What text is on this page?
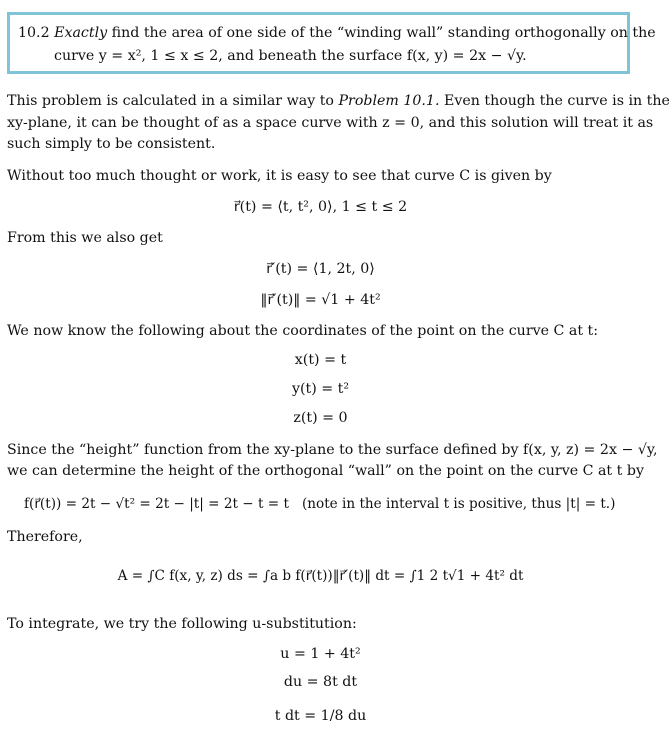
10.2 Exactly find the area of one side of the “winding wall” standing orthogonally on the
curve y = x², 1 ≤ x ≤ 2, and beneath the surface f(x, y) = 2x − √y.
This problem is calculated in a similar way to Problem 10.1. Even though the curve is in the
xy-plane, it can be thought of as a space curve with z = 0, and this solution will treat it as
such simply to be consistent.
Without too much thought or work, it is easy to see that curve C is given by
r⃗(t) = ⟨t, t², 0⟩, 1 ≤ t ≤ 2
From this we also get
r⃗′(t) = ⟨1, 2t, 0⟩
‖r⃗′(t)‖ = √1 + 4t²
We now know the following about the coordinates of the point on the curve C at t:
x(t) = t
y(t) = t²
z(t) = 0
Since the “height” function from the xy-plane to the surface defined by f(x, y, z) = 2x − √y,
we can determine the height of the orthogonal “wall” on the point on the curve C at t by
f(r⃗(t)) = 2t − √t² = 2t − |t| = 2t − t = t (note in the interval t is positive, thus |t| = t.)
Therefore,
A = ∫C f(x, y, z) ds = ∫a b f(r⃗(t))‖r⃗′(t)‖ dt = ∫1 2 t√1 + 4t² dt
To integrate, we try the following u-substitution:
u = 1 + 4t²
du = 8t dt
t dt = 1/8 du
